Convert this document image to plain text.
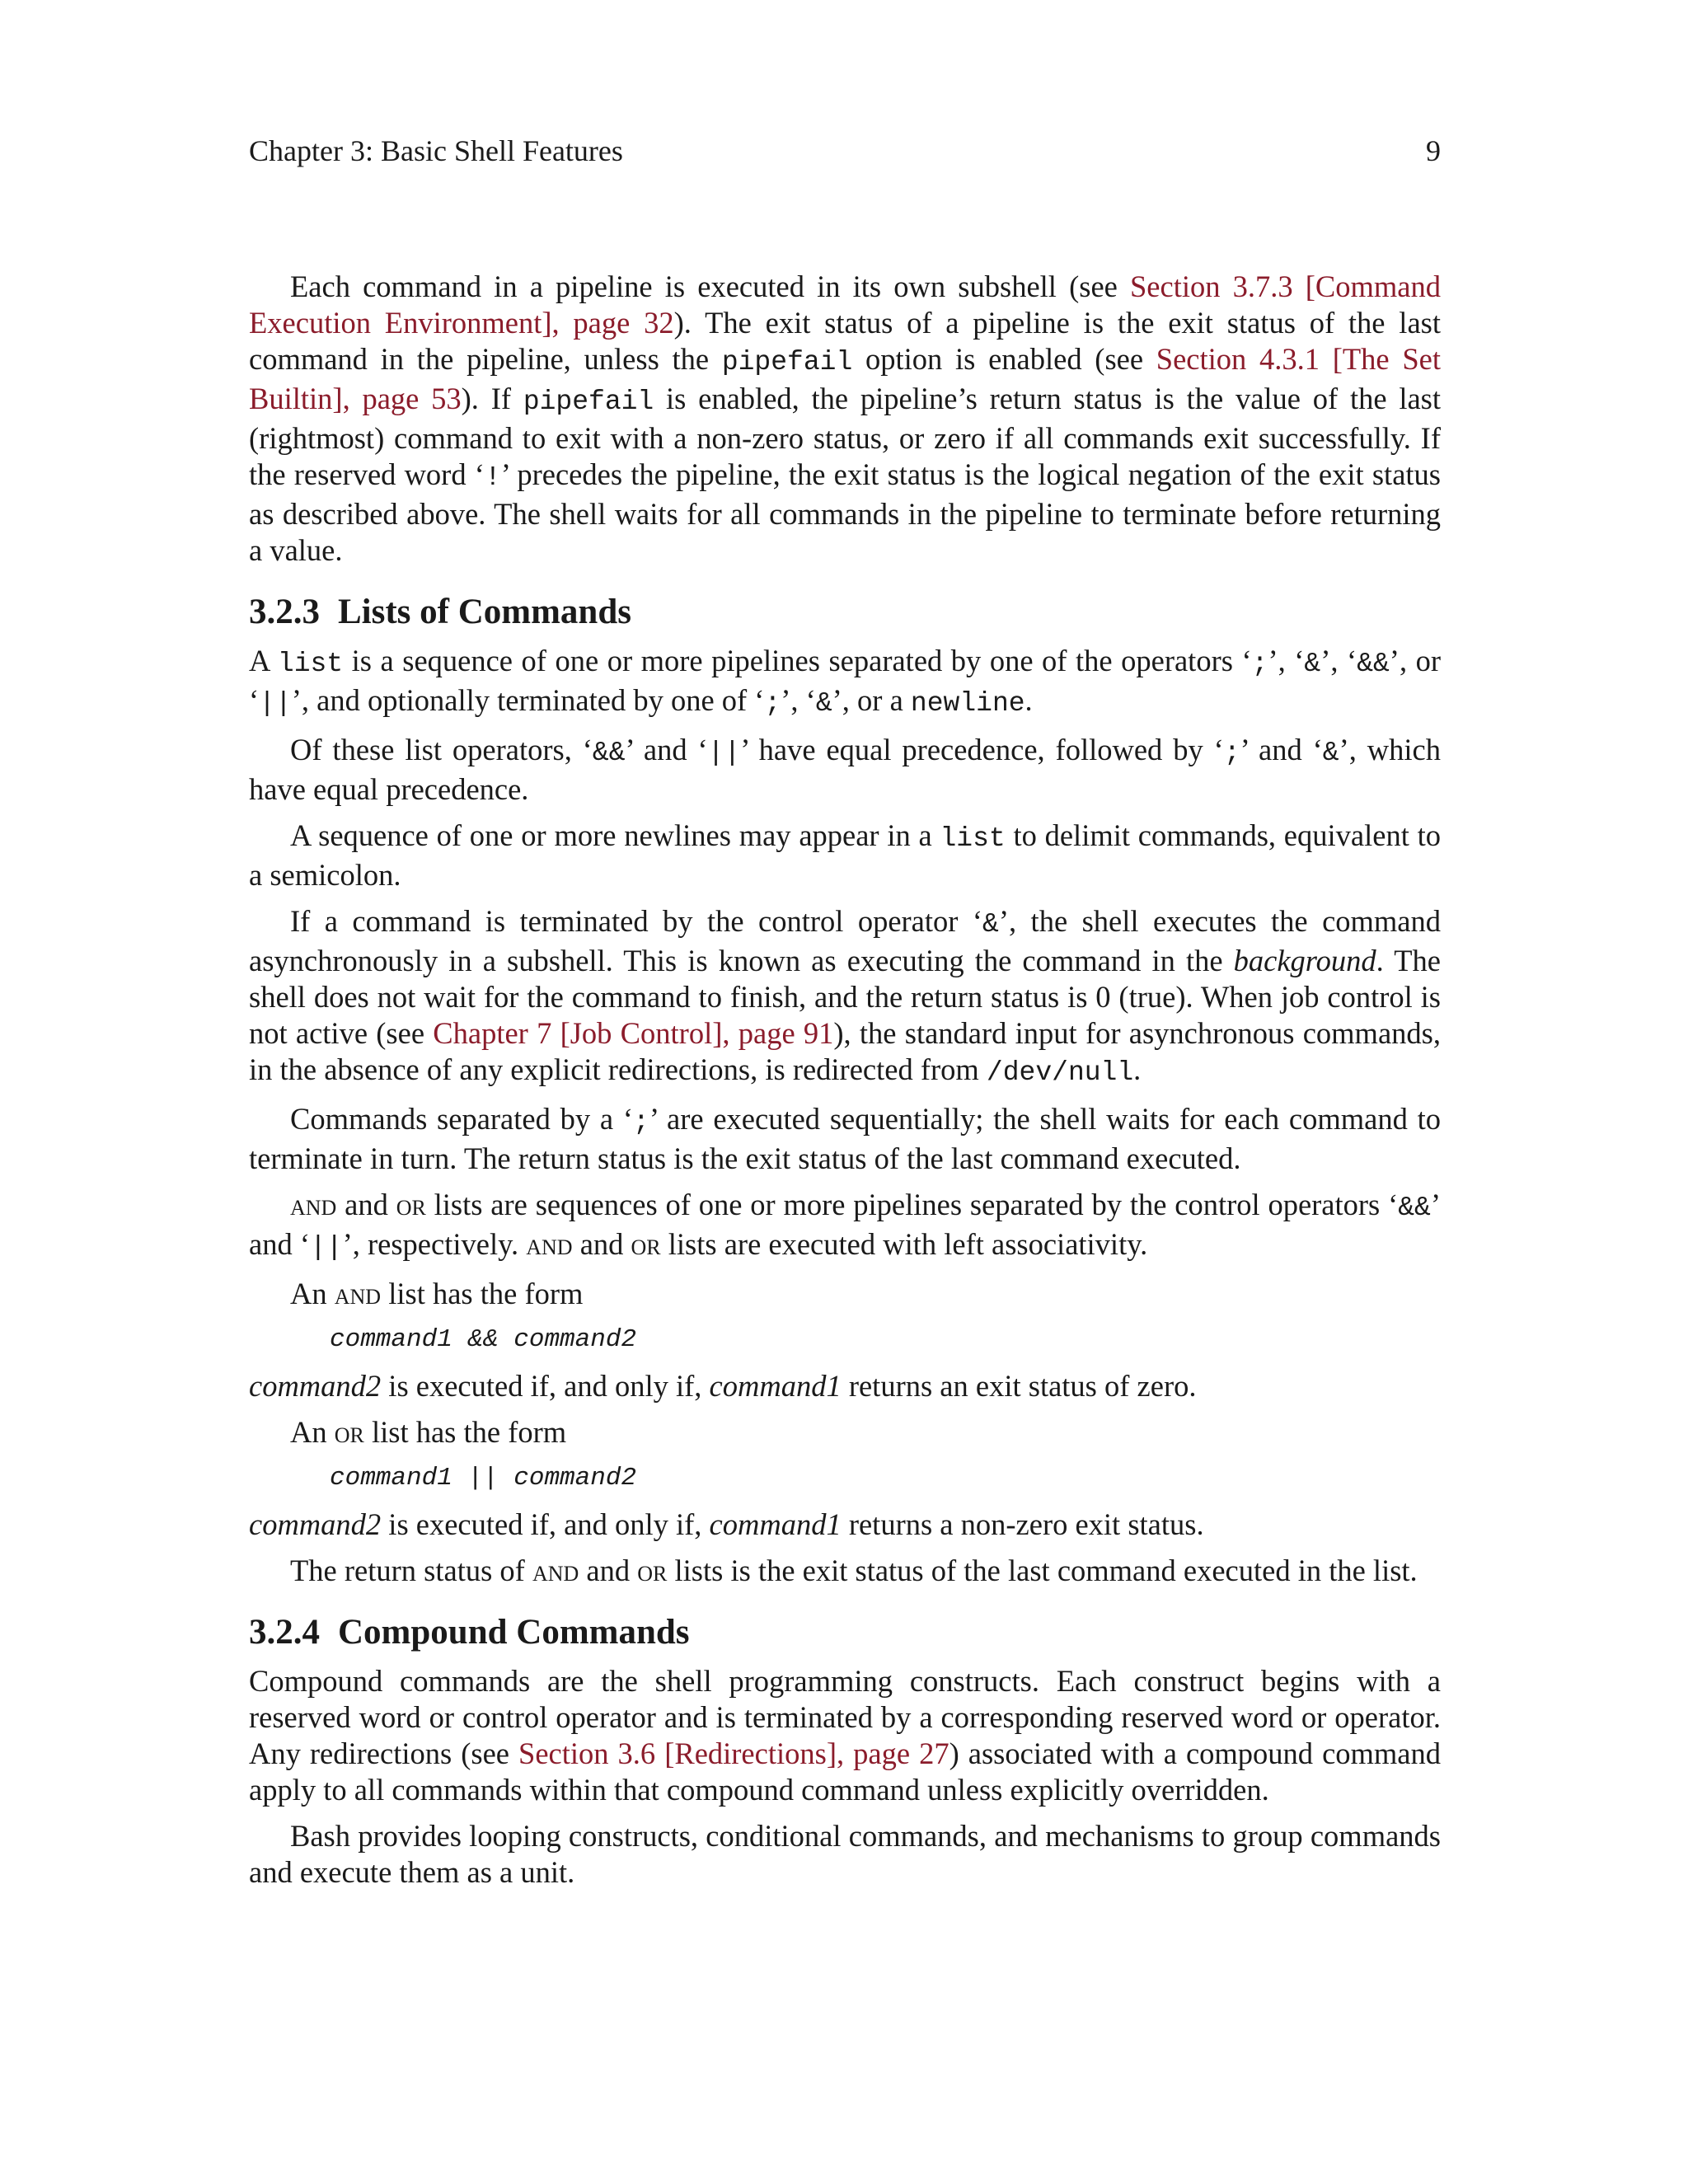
Chapter 3: Basic Shell Features	9

Each command in a pipeline is executed in its own subshell (see Section 3.7.3 [Command Execution Environment], page 32). The exit status of a pipeline is the exit status of the last command in the pipeline, unless the pipefail option is enabled (see Section 4.3.1 [The Set Builtin], page 53). If pipefail is enabled, the pipeline’s return status is the value of the last (rightmost) command to exit with a non-zero status, or zero if all commands exit successfully. If the reserved word ‘!’ precedes the pipeline, the exit status is the logical negation of the exit status as described above. The shell waits for all commands in the pipeline to terminate before returning a value.

3.2.3 Lists of Commands

A list is a sequence of one or more pipelines separated by one of the operators ‘;’, ‘&’, ‘&&’, or ‘||’, and optionally terminated by one of ‘;’, ‘&’, or a newline.

Of these list operators, ‘&&’ and ‘||’ have equal precedence, followed by ‘;’ and ‘&’, which have equal precedence.

A sequence of one or more newlines may appear in a list to delimit commands, equivalent to a semicolon.

If a command is terminated by the control operator ‘&’, the shell executes the command asynchronously in a subshell. This is known as executing the command in the background. The shell does not wait for the command to finish, and the return status is 0 (true). When job control is not active (see Chapter 7 [Job Control], page 91), the standard input for asynchronous commands, in the absence of any explicit redirections, is redirected from /dev/null.

Commands separated by a ‘;’ are executed sequentially; the shell waits for each command to terminate in turn. The return status is the exit status of the last command executed.

and and or lists are sequences of one or more pipelines separated by the control operators ‘&&’ and ‘||’, respectively. and and or lists are executed with left associativity.

An and list has the form

command1 && command2

command2 is executed if, and only if, command1 returns an exit status of zero.

An or list has the form

command1 || command2

command2 is executed if, and only if, command1 returns a non-zero exit status.

The return status of and and or lists is the exit status of the last command executed in the list.

3.2.4 Compound Commands

Compound commands are the shell programming constructs. Each construct begins with a reserved word or control operator and is terminated by a corresponding reserved word or operator. Any redirections (see Section 3.6 [Redirections], page 27) associated with a compound command apply to all commands within that compound command unless explicitly overridden.

Bash provides looping constructs, conditional commands, and mechanisms to group commands and execute them as a unit.
